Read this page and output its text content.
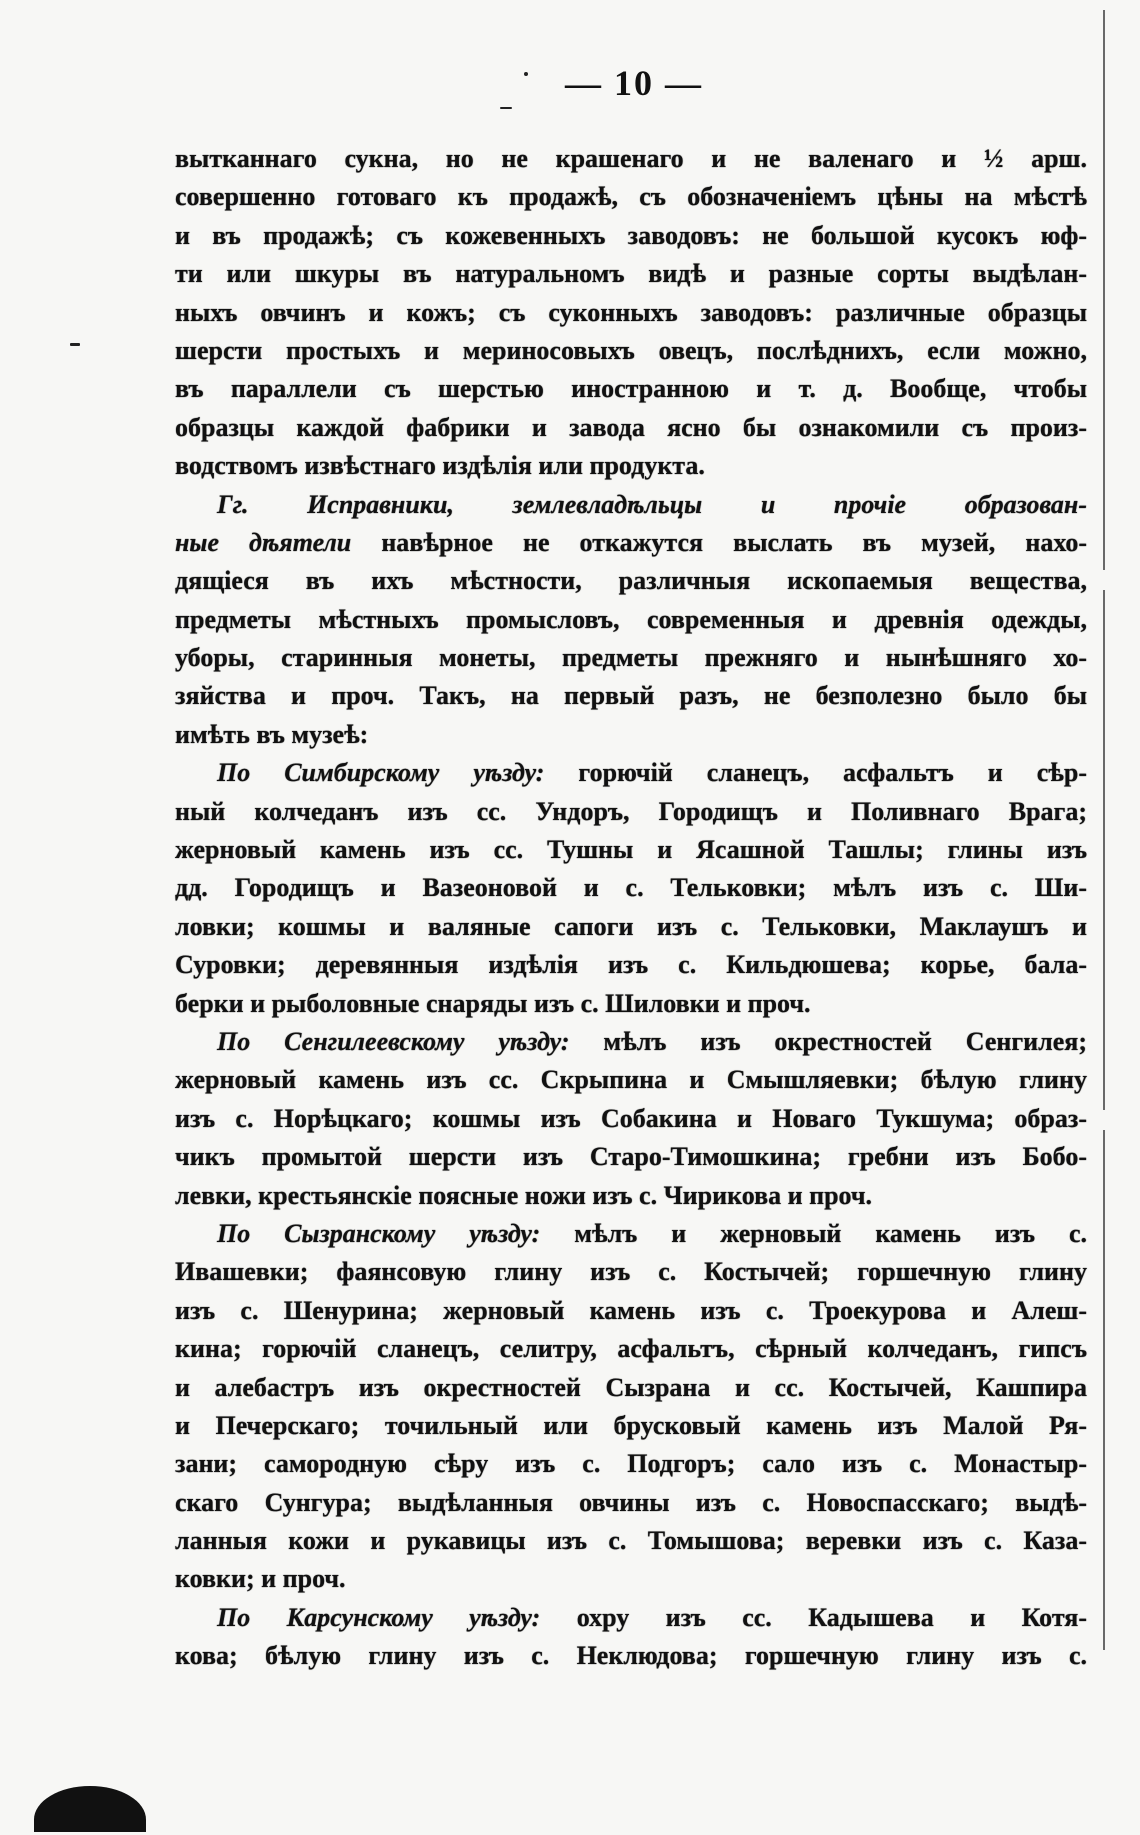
— 10 —
вытканнаго сукна, но не крашенаго и не валенаго и ½ арш.
совершенно готоваго къ продажѣ, съ обозначеніемъ цѣны на мѣстѣ
и въ продажѣ; съ кожевенныхъ заводовъ: не большой кусокъ юф-
ти или шкуры въ натуральномъ видѣ и разные сорты выдѣлан-
ныхъ овчинъ и кожъ; съ суконныхъ заводовъ: различные образцы
шерсти простыхъ и мериносовыхъ овецъ, послѣднихъ, если можно,
въ параллели съ шерстью иностранною и т. д. Вообще, чтобы
образцы каждой фабрики и завода ясно бы ознакомили съ произ-
водствомъ извѣстнаго издѣлія или продукта.
Гг. Исправники, землевладѣльцы и прочіе образован-
ные дѣятели навѣрное не откажутся выслать въ музей, нахо-
дящіеся въ ихъ мѣстности, различныя ископаемыя вещества,
предметы мѣстныхъ промысловъ, современныя и древнія одежды,
уборы, старинныя монеты, предметы прежняго и нынѣшняго хо-
зяйства и проч. Такъ, на первый разъ, не безполезно было бы
имѣть въ музеѣ:
По Симбирскому уѣзду: горючій сланецъ, асфальтъ и сѣр-
ный колчеданъ изъ сс. Ундоръ, Городищъ и Поливнаго Врага;
жерновый камень изъ сс. Тушны и Ясашной Ташлы; глины изъ
дд. Городищъ и Вазеоновой и с. Тельковки; мѣлъ изъ с. Ши-
ловки; кошмы и валяные сапоги изъ с. Тельковки, Маклаушъ и
Суровки; деревянныя издѣлія изъ с. Кильдюшева; корье, бала-
берки и рыболовные снаряды изъ с. Шиловки и проч.
По Сенгилеевскому уѣзду: мѣлъ изъ окрестностей Сенгилея;
жерновый камень изъ сс. Скрыпина и Смышляевки; бѣлую глину
изъ с. Норѣцкаго; кошмы изъ Собакина и Новаго Тукшума; образ-
чикъ промытой шерсти изъ Старо-Тимошкина; гребни изъ Бобо-
левки, крестьянскіе поясные ножи изъ с. Чирикова и проч.
По Сызранскому уѣзду: мѣлъ и жерновый камень изъ с.
Ивашевки; фаянсовую глину изъ с. Костычей; горшечную глину
изъ с. Шенурина; жерновый камень изъ с. Троекурова и Алеш-
кина; горючій сланецъ, селитру, асфальтъ, сѣрный колчеданъ, гипсъ
и алебастръ изъ окрестностей Сызрана и сс. Костычей, Кашпира
и Печерскаго; точильный или брусковый камень изъ Малой Ря-
зани; самородную сѣру изъ с. Подгоръ; сало изъ с. Монастыр-
скаго Сунгура; выдѣланныя овчины изъ с. Новоспасскаго; выдѣ-
ланныя кожи и рукавицы изъ с. Томышова; веревки изъ с. Каза-
ковки; и проч.
По Карсунскому уѣзду: охру изъ сс. Кадышева и Котя-
кова; бѣлую глину изъ с. Неклюдова; горшечную глину изъ с.
